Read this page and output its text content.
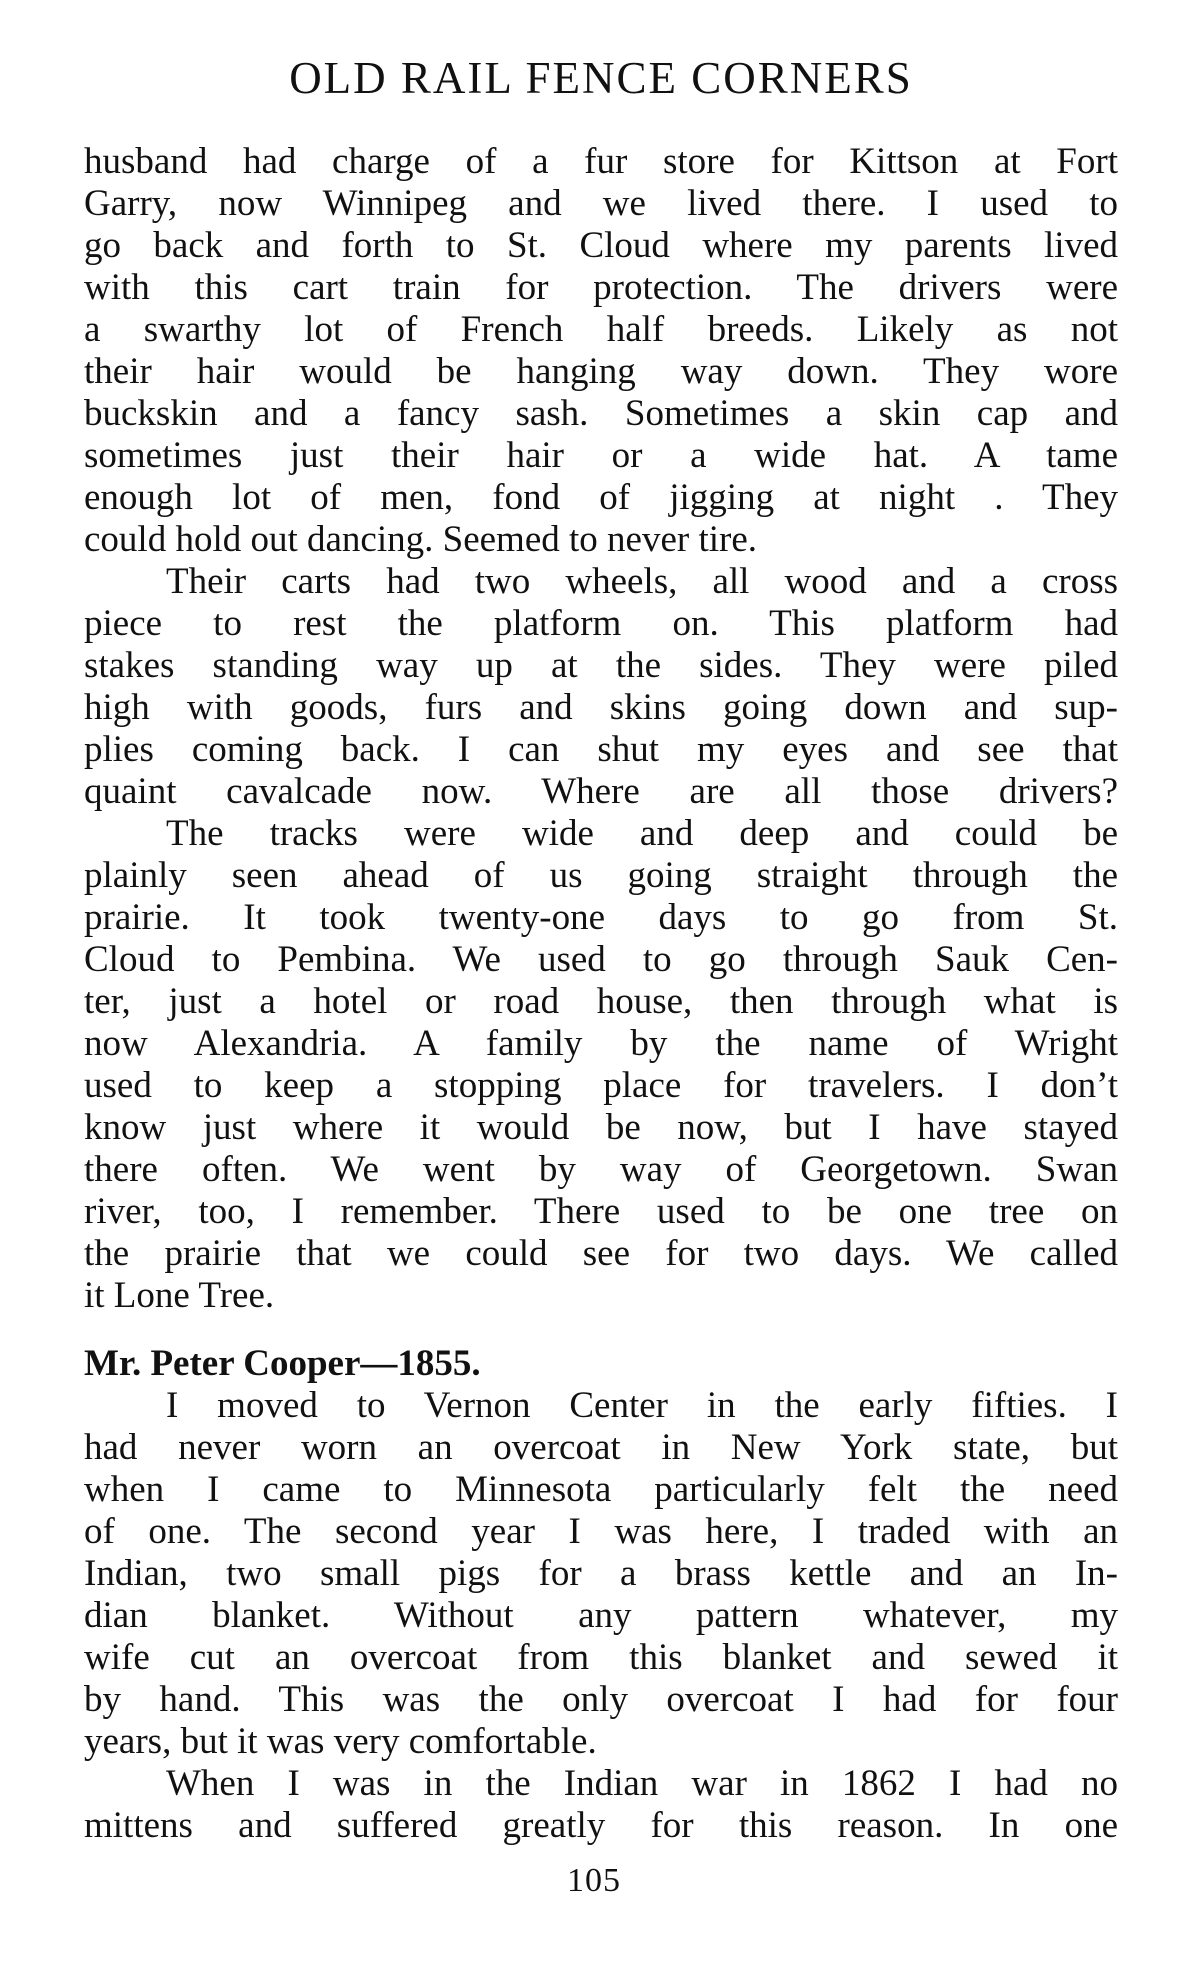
OLD RAIL FENCE CORNERS
husband had charge of a fur store for Kittson at Fort
Garry, now Winnipeg and we lived there. I used to
go back and forth to St. Cloud where my parents lived
with this cart train for protection. The drivers were
a swarthy lot of French half breeds. Likely as not
their hair would be hanging way down. They wore
buckskin and a fancy sash. Sometimes a skin cap and
sometimes just their hair or a wide hat. A tame
enough lot of men, fond of jigging at night . They
could hold out dancing. Seemed to never tire.
Their carts had two wheels, all wood and a cross
piece to rest the platform on. This platform had
stakes standing way up at the sides. They were piled
high with goods, furs and skins going down and sup-
plies coming back. I can shut my eyes and see that
quaint cavalcade now. Where are all those drivers?
The tracks were wide and deep and could be
plainly seen ahead of us going straight through the
prairie. It took twenty-one days to go from St.
Cloud to Pembina. We used to go through Sauk Cen-
ter, just a hotel or road house, then through what is
now Alexandria. A family by the name of Wright
used to keep a stopping place for travelers. I don’t
know just where it would be now, but I have stayed
there often. We went by way of Georgetown. Swan
river, too, I remember. There used to be one tree on
the prairie that we could see for two days. We called
it Lone Tree.
Mr. Peter Cooper—1855.
I moved to Vernon Center in the early fifties. I
had never worn an overcoat in New York state, but
when I came to Minnesota particularly felt the need
of one. The second year I was here, I traded with an
Indian, two small pigs for a brass kettle and an In-
dian blanket. Without any pattern whatever, my
wife cut an overcoat from this blanket and sewed it
by hand. This was the only overcoat I had for four
years, but it was very comfortable.
When I was in the Indian war in 1862 I had no
mittens and suffered greatly for this reason. In one
105
